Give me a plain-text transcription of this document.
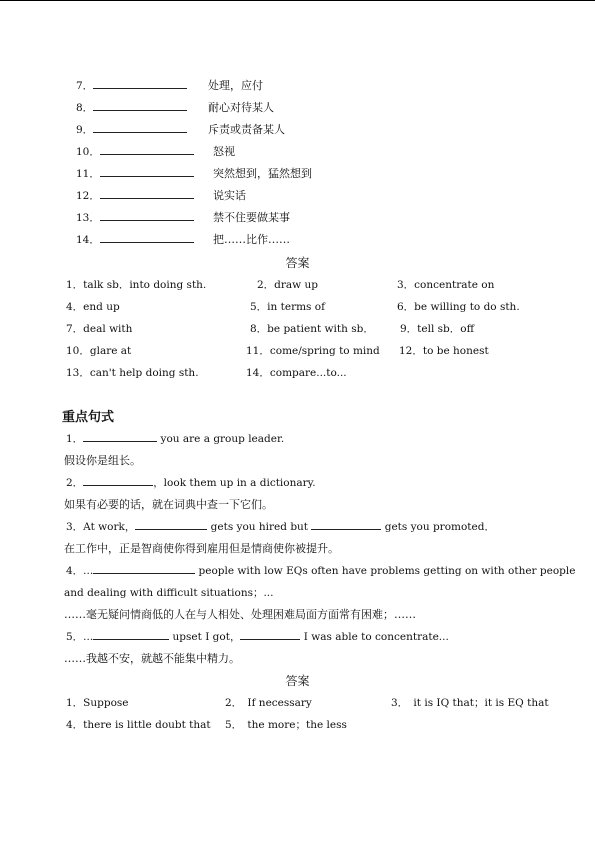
7．	处理，应付
8．	耐心对待某人
9．	斥责或责备某人
10．	怒视
11．	突然想到，猛然想到
12．	说实话
13．	禁不住要做某事
14．	把……比作……
答案
1．talk sb．into doing sth.	2．draw up	3．concentrate on
4．end up	5．in terms of	6．be willing to do sth.
7．deal with	8．be patient with sb． 9．tell sb．off
10．glare at	11．come/spring to mind 12．to be honest
13．can't help doing sth.	14．compare...to...
重点句式
1．	you are a group leader.
假设你是组长。
2．	，look them up in a dictionary.
如果有必要的话，就在词典中查一下它们。
3．At work，	gets you hired but	gets you promoted．
在工作中，正是智商使你得到雇用但是情商使你被提升。
4．...	people with low EQs often have problems getting on with other people
and dealing with difficult situations；...
……毫无疑问情商低的人在与人相处、处理困难局面方面常有困难；……
5．...	upset I got，	I was able to concentrate...
……我越不安，就越不能集中精力。
答案
1．Suppose	2．　If necessary	3．　it is IQ that；it is EQ that
4．there is little doubt that 5．　the more；the less
